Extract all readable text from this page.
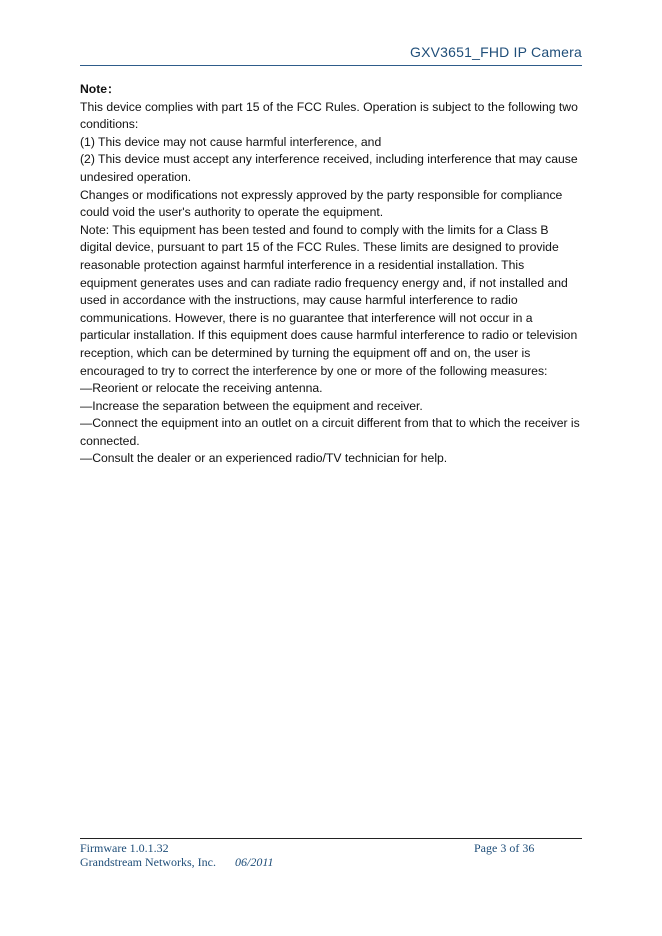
GXV3651_FHD IP Camera

Note：

This device complies with part 15 of the FCC Rules. Operation is subject to the following two conditions:

(1) This device may not cause harmful interference, and

(2) This device must accept any interference received, including interference that may cause undesired operation.

Changes or modifications not expressly approved by the party responsible for compliance could void the user's authority to operate the equipment.

Note: This equipment has been tested and found to comply with the limits for a Class B digital device, pursuant to part 15 of the FCC Rules. These limits are designed to provide reasonable protection against harmful interference in a residential installation. This equipment generates uses and can radiate radio frequency energy and, if not installed and used in accordance with the instructions, may cause harmful interference to radio communications. However, there is no guarantee that interference will not occur in a particular installation. If this equipment does cause harmful interference to radio or television reception, which can be determined by turning the equipment off and on, the user is encouraged to try to correct the interference by one or more of the following measures:

—Reorient or relocate the receiving antenna.

—Increase the separation between the equipment and receiver.

—Connect the equipment into an outlet on a circuit different from that to which the receiver is connected.

—Consult the dealer or an experienced radio/TV technician for help.

Firmware 1.0.1.32	Page 3 of 36
Grandstream Networks, Inc. 06/2011
